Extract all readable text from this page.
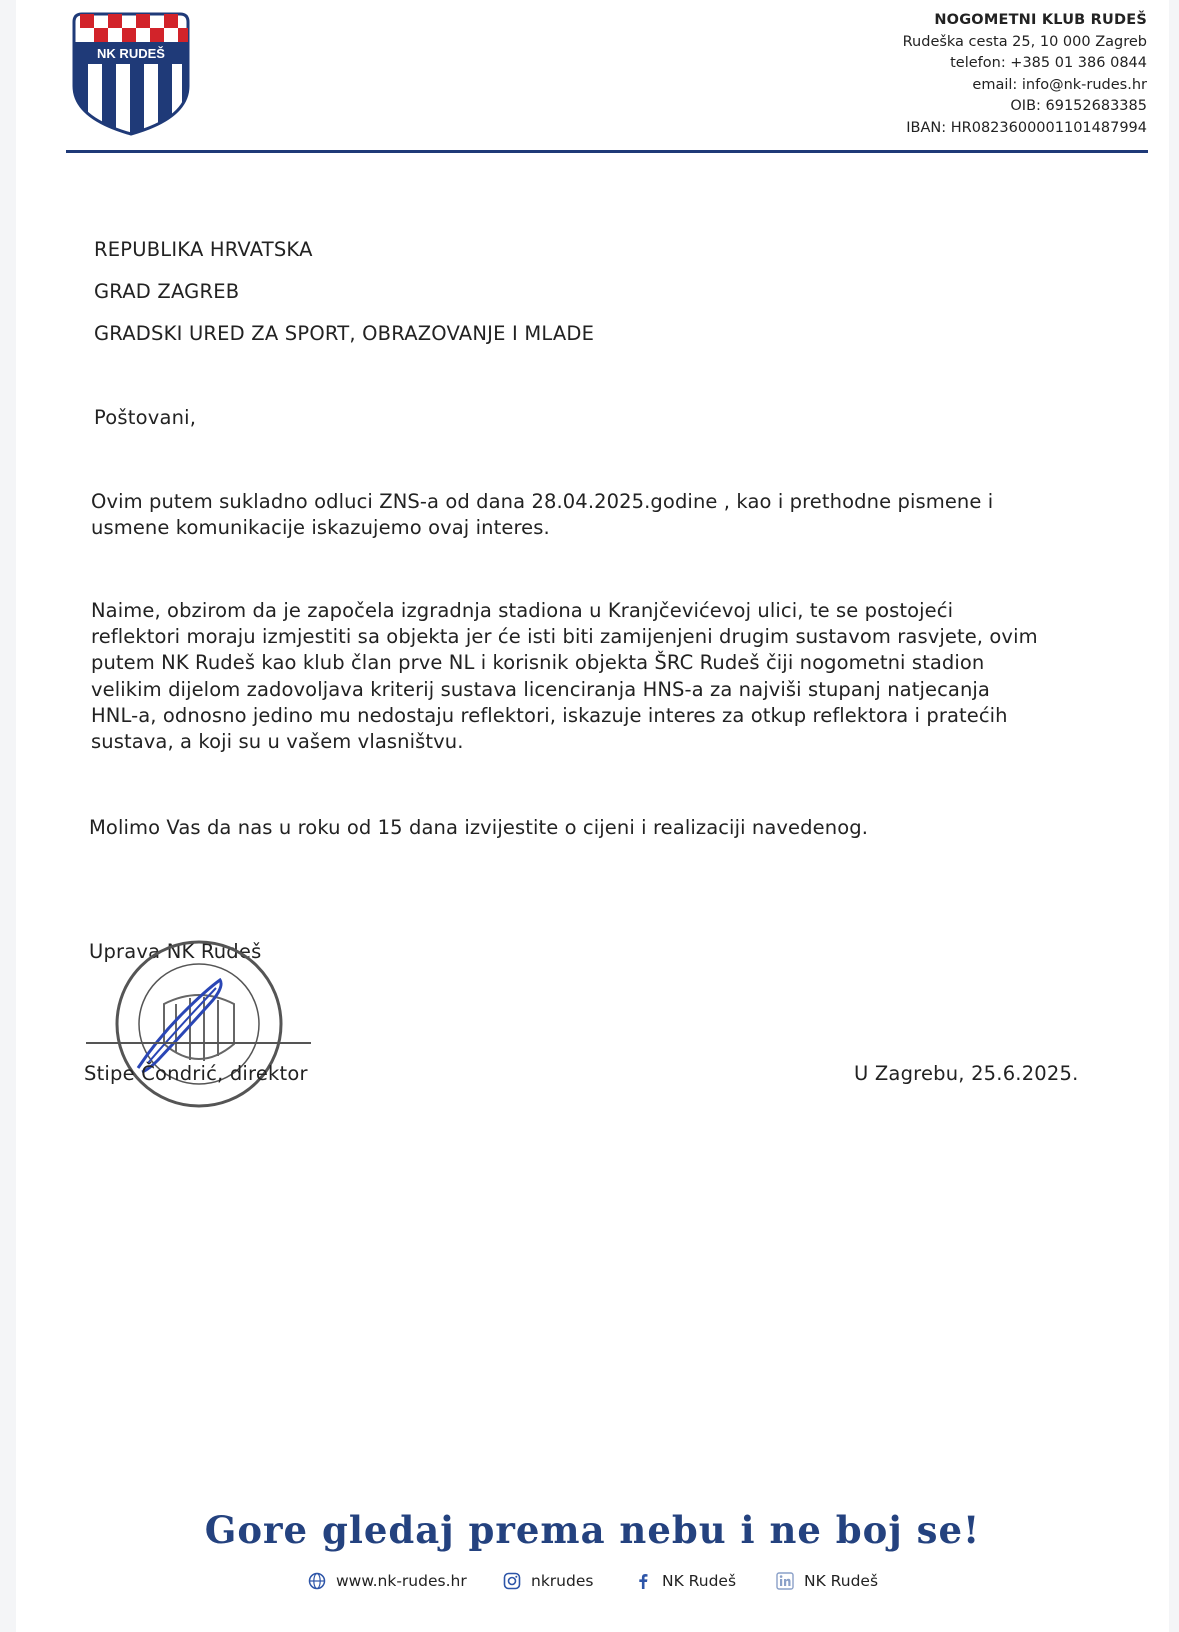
NK RUDEŠ
NOGOMETNI KLUB RUDEŠ
Rudeška cesta 25, 10 000 Zagreb
telefon: +385 01 386 0844
email: info@nk-rudes.hr
OIB: 69152683385
IBAN: HR0823600001101487994
REPUBLIKA HRVATSKA
GRAD ZAGREB
GRADSKI URED ZA SPORT, OBRAZOVANJE I MLADE
Poštovani,
Ovim putem sukladno odluci ZNS-a od dana 28.04.2025.godine , kao i prethodne pismene i
usmene komunikacije iskazujemo ovaj interes.
Naime, obzirom da je započela izgradnja stadiona u Kranjčevićevoj ulici, te se postojeći
reflektori moraju izmjestiti sa objekta jer će isti biti zamijenjeni drugim sustavom rasvjete, ovim
putem NK Rudeš kao klub član prve NL i korisnik objekta ŠRC Rudeš čiji nogometni stadion
velikim dijelom zadovoljava kriterij sustava licenciranja HNS-a za najviši stupanj natjecanja
HNL-a, odnosno jedino mu nedostaju reflektori, iskazuje interes za otkup reflektora i pratećih
sustava, a koji su u vašem vlasništvu.
Molimo Vas da nas u roku od 15 dana izvijestite o cijeni i realizaciji navedenog.
Uprava NK Rudeš
Stipe Čondrić, direktor	U Zagrebu, 25.6.2025.
Gore gledaj prema nebu i ne boj se!
www.nk-rudes.hr	nkrudes	NK Rudeš	NK Rudeš
